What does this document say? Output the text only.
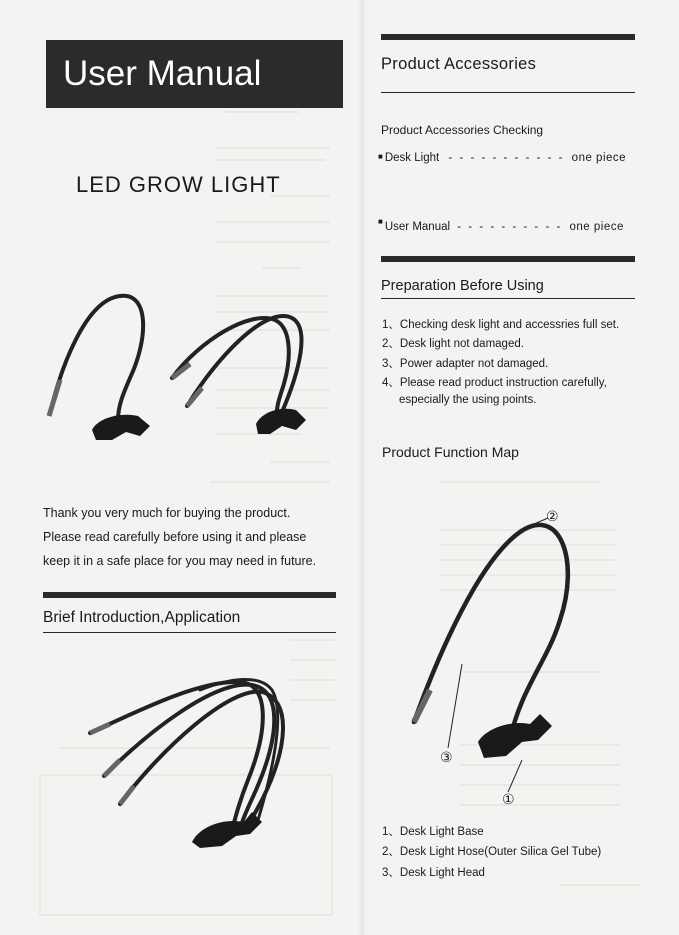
User Manual
LED GROW LIGHT
Thank you very much for buying the product.
Please read carefully before using it and please
keep it in a safe place for you may need in future.
Brief Introduction,Application
Product Accessories
Product Accessories Checking
■ Desk Light - - - - - - - - - - - one piece
■ User Manual - - - - - - - - - - one piece
Preparation Before Using
1、Checking desk light and accessries full set.
2、Desk light not damaged.
3、Power adapter not damaged.
4、Please read product instruction carefully,
especially the using points.
Product Function Map
②
③
①
1、Desk Light Base
2、Desk Light Hose(Outer Silica Gel Tube)
3、Desk Light Head
